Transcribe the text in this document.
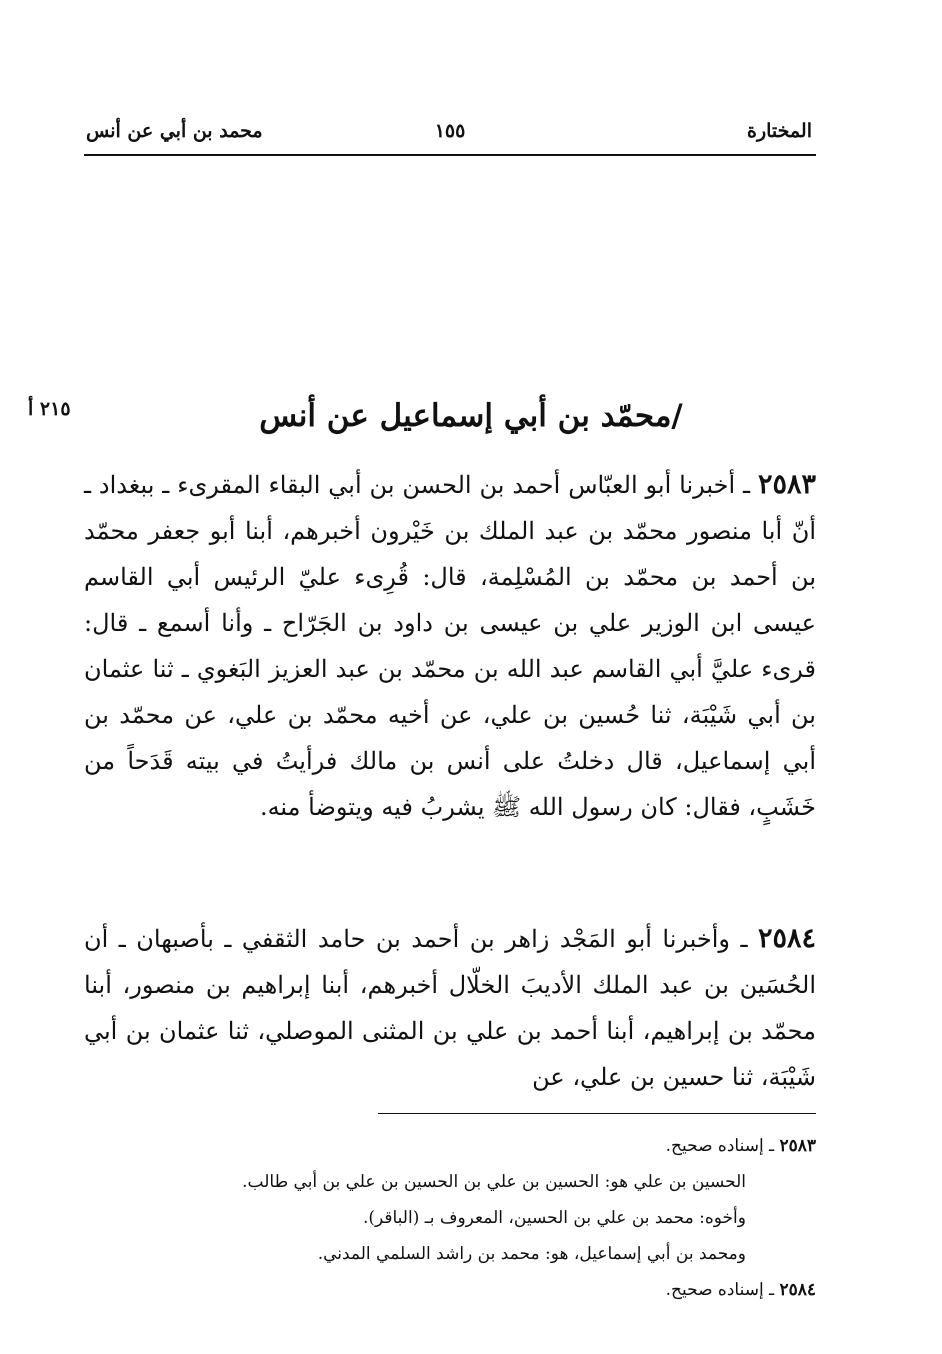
المختارة
١٥٥
محمد بن أبي عن أنس
٢١٥ أ	/محمّد بن أبي إسماعيل عن أنس
٢٥٨٣ ـ أخبرنا أبو العبّاس أحمد بن الحسن بن أبي البقاء المقرىء ـ ببغداد ـ أنّ أبا منصور محمّد بن عبد الملك بن خَيْرون أخبرهم، أبنا أبو جعفر محمّد بن أحمد بن محمّد بن المُسْلِمة، قال: قُرِىء عليّ الرئيس أبي القاسم عيسى ابن الوزير علي بن عيسى بن داود بن الجَرّاح ـ وأنا أسمع ـ قال: قرىء عليَّ أبي القاسم عبد الله بن محمّد بن عبد العزيز البَغوي ـ ثنا عثمان بن أبي شَيْبَة، ثنا حُسين بن علي، عن أخيه محمّد بن علي، عن محمّد بن أبي إسماعيل، قال دخلتُ على أنس بن مالك فرأيتُ في بيته قَدَحاً من خَشَبٍ، فقال: كان رسول الله ﷺ يشربُ فيه ويتوضأ منه.
٢٥٨٤ ـ وأخبرنا أبو المَجْد زاهر بن أحمد بن حامد الثقفي ـ بأصبهان ـ أن الحُسَين بن عبد الملك الأديبَ الخلّال أخبرهم، أبنا إبراهيم بن منصور، أبنا محمّد بن إبراهيم، أبنا أحمد بن علي بن المثنى الموصلي، ثنا عثمان بن أبي شَيْبَة، ثنا حسين بن علي، عن
٢٥٨٣ ـ إسناده صحيح.
الحسين بن علي هو: الحسين بن علي بن الحسين بن علي بن أبي طالب.
وأخوه: محمد بن علي بن الحسين، المعروف بـ (الباقر).
ومحمد بن أبي إسماعيل، هو: محمد بن راشد السلمي المدني.
٢٥٨٤ ـ إسناده صحيح.
